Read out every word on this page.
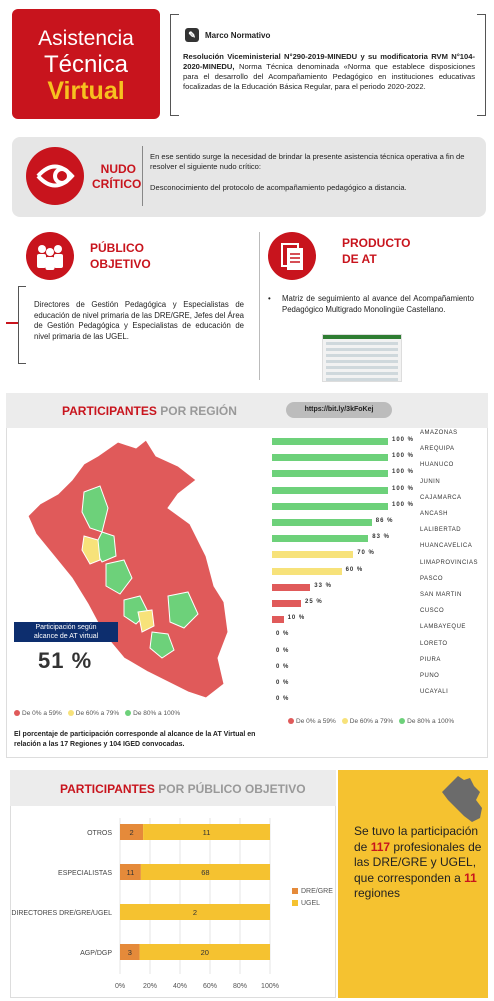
Asistencia
Técnica
Virtual
✎	Marco Normativo
Resolución Viceministerial N°290-2019-MINEDU y su modificatoria RVM N°104-2020-MINEDU, Norma Técnica denominada «Norma que establece disposiciones para el desarrollo del Acompañamiento Pedagógico en instituciones educativas focalizadas de la Educación Básica Regular, para el periodo 2020-2022.
NUDO
CRÍTICO

En ese sentido surge la necesidad de brindar la presente asistencia técnica operativa a fin de resolver el siguiente nudo crítico:

Desconocimiento del protocolo de acompañamiento pedagógico a distancia.

PÚBLICO
OBJETIVO
Directores de Gestión Pedagógica y Especialistas de educación de nivel primaria de las DRE/GRE, Jefes del Área de Gestión Pedagógica y Especialistas de educación de nivel primaria de las UGEL.
PRODUCTO
DE AT
•	Matriz de seguimiento al avance del Acompañamiento Pedagógico Multigrado Monolingüe Castellano.
PARTICIPANTES POR REGIÓN	https://bit.ly/3kFoKej
Participación según
alcance de AT virtual
51 %
De 0% a 59%	De 60% a 79%	De 80% a 100%
El porcentaje de participación corresponde al alcance de la AT Virtual en relación a las 17 Regiones y 104 IGED convocadas.
100 %
AMAZONAS
100 %
AREQUIPA
100 %
HUANUCO
100 %
JUNIN
100 %
CAJAMARCA
86 %
ANCASH
83 %
LALIBERTAD
70 %
HUANCAVELICA
60 %
LIMAPROVINCIAS
33 %
PASCO
25 %
SAN MARTIN
10 %
CUSCO
0 %
LAMBAYEQUE
0 %
LORETO
0 %
PIURA
0 %
PUNO
0 %
UCAYALI
De 0% a 59%	De 60% a 79%	De 80% a 100%
PARTICIPANTES POR PÚBLICO OBJETIVO
0%	20% 40% 60% 80% 100%
OTROS 2	11
ESPECIALISTAS 11	68
DIRECTORES DRE/GRE/UGEL	2
AGP/DGP 3	20
DRE/GRE
UGEL
Se tuvo la participación de 117 profesionales de las DRE/GRE y UGEL, que corresponden a 11 regiones
